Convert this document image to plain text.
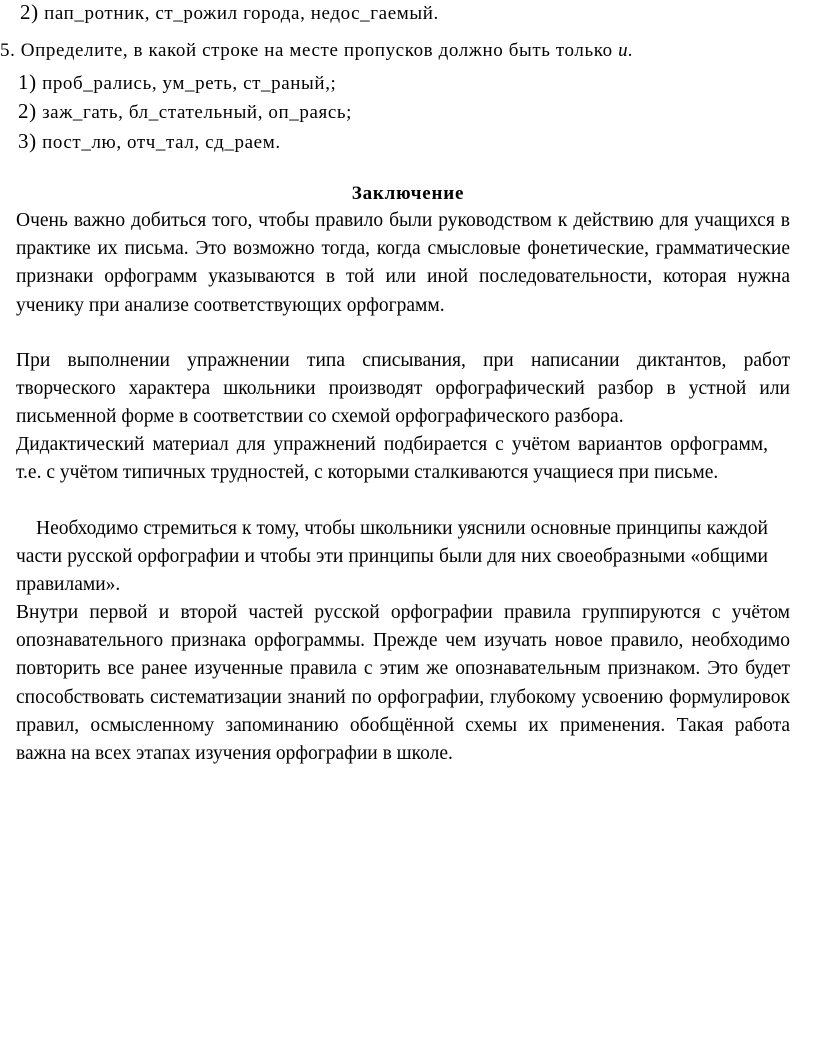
2) пап_ротник, ст_рожил города, недос_гаемый.
5. Определите, в какой строке на месте пропусков должно быть только и.
1) проб_рались, ум_реть, ст_раный,;
2) заж_гать, бл_стательный, оп_раясь;
3) пост_лю, отч_тал, сд_раем.
Заключение

Очень важно добиться того, чтобы правило были руководством к действию для учащихся в практике их письма. Это возможно тогда, когда смысловые фонетические, грамматические признаки орфограмм указываются в той или иной последовательности, которая нужна ученику при анализе соответствующих орфограмм.

При выполнении упражнении типа списывания, при написании диктантов, работ творческого характера школьники производят орфографический разбор в устной или письменной форме в соответствии со схемой орфографического разбора.

Дидактический материал для упражнений подбирается с учётом вариантов орфограмм, т.е. с учётом типичных трудностей, с которыми сталкиваются учащиеся при письме.

Необходимо стремиться к тому, чтобы школьники уяснили основные принципы каждой части русской орфографии и чтобы эти принципы были для них своеобразными «общими правилами».

Внутри первой и второй частей русской орфографии правила группируются с учётом опознавательного признака орфограммы. Прежде чем изучать новое правило, необходимо повторить все ранее изученные правила с этим же опознавательным признаком. Это будет способствовать систематизации знаний по орфографии, глубокому усвоению формулировок правил, осмысленному запоминанию обобщённой схемы их применения. Такая работа важна на всех этапах изучения орфографии в школе.
